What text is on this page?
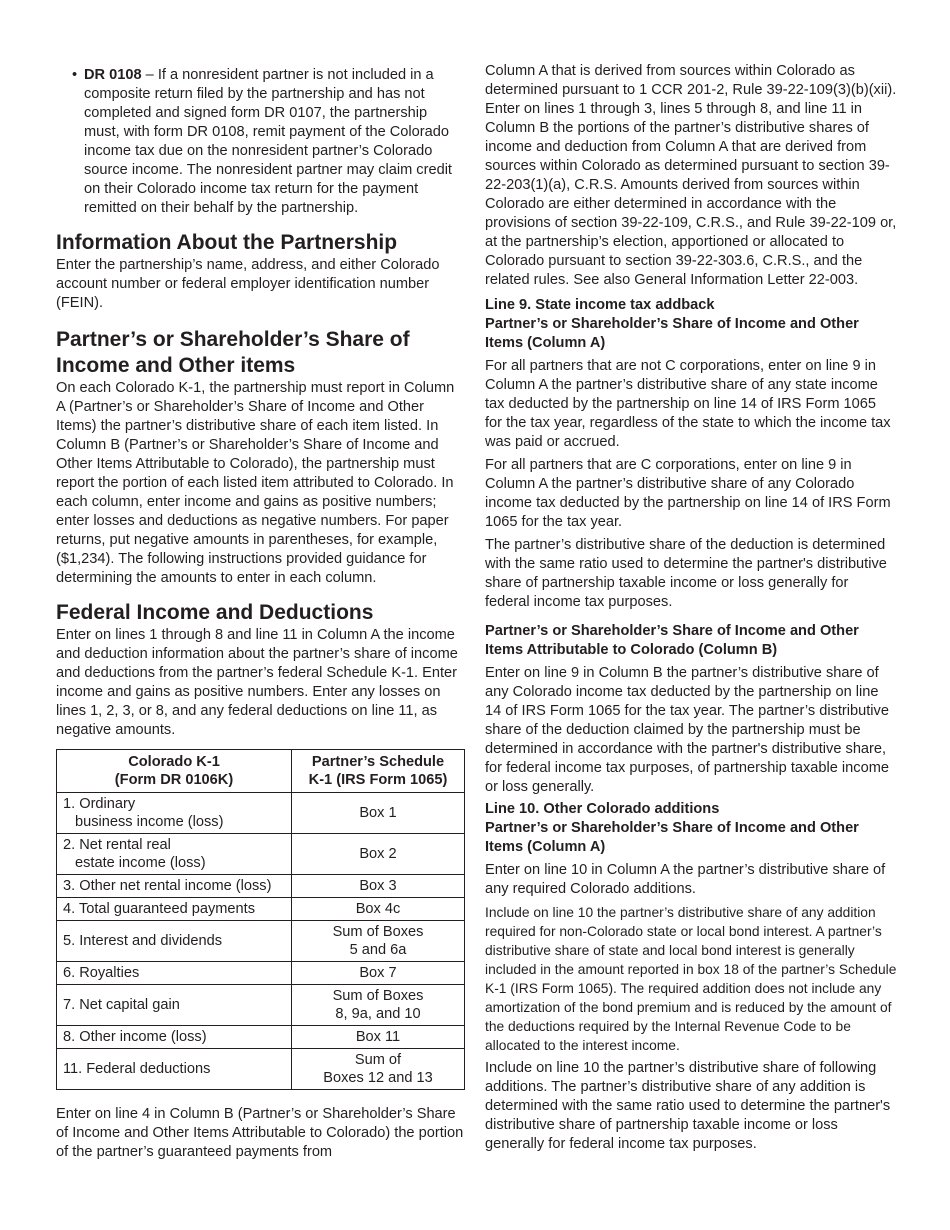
• DR 0108 – If a nonresident partner is not included in a composite return filed by the partnership and has not completed and signed form DR 0107, the partnership must, with form DR 0108, remit payment of the Colorado income tax due on the nonresident partner’s Colorado source income. The nonresident partner may claim credit on their Colorado income tax return for the payment remitted on their behalf by the partnership.

Information About the Partnership

Enter the partnership’s name, address, and either Colorado account number or federal employer identification number (FEIN).

Partner’s or Shareholder’s Share of Income and Other items

On each Colorado K-1, the partnership must report in Column A (Partner’s or Shareholder’s Share of Income and Other Items) the partner’s distributive share of each item listed. In Column B (Partner’s or Shareholder’s Share of Income and Other Items Attributable to Colorado), the partnership must report the portion of each listed item attributed to Colorado. In each column, enter income and gains as positive numbers; enter losses and deductions as negative numbers. For paper returns, put negative amounts in parentheses, for example, ($1,234). The following instructions provided guidance for determining the amounts to enter in each column.

Federal Income and Deductions

Enter on lines 1 through 8 and line 11 in Column A the income and deduction information about the partner’s share of income and deductions from the partner’s federal Schedule K-1. Enter income and gains as positive numbers. Enter any losses on lines 1, 2, 3, or 8, and any federal deductions on line 11, as negative amounts.

Colorado K-1
(Form DR 0106K)	Partner’s Schedule
K-1 (IRS Form 1065)
1. Ordinary
business income (loss)	Box 1
2. Net rental real
estate income (loss)	Box 2
3. Other net rental income (loss)	Box 3
4. Total guaranteed payments	Box 4c
5. Interest and dividends	Sum of Boxes
5 and 6a
6. Royalties	Box 7
7. Net capital gain	Sum of Boxes
8, 9a, and 10
8. Other income (loss)	Box 11
11. Federal deductions	Sum of
Boxes 12 and 13

Enter on line 4 in Column B (Partner’s or Shareholder’s Share of Income and Other Items Attributable to Colorado) the portion of the partner’s guaranteed payments from

Column A that is derived from sources within Colorado as determined pursuant to 1 CCR 201-2, Rule 39-22-109(3)(b)(xii). Enter on lines 1 through 3, lines 5 through 8, and line 11 in Column B the portions of the partner’s distributive shares of income and deduction from Column A that are derived from sources within Colorado as determined pursuant to section 39-22-203(1)(a), C.R.S. Amounts derived from sources within Colorado are either determined in accordance with the provisions of section 39-22-109, C.R.S., and Rule 39-22-109 or, at the partnership’s election, apportioned or allocated to Colorado pursuant to section 39-22-303.6, C.R.S., and the related rules. See also General Information Letter 22-003.

Line 9. State income tax addback
Partner’s or Shareholder’s Share of Income and Other Items (Column A)

For all partners that are not C corporations, enter on line 9 in Column A the partner’s distributive share of any state income tax deducted by the partnership on line 14 of IRS Form 1065 for the tax year, regardless of the state to which the income tax was paid or accrued.

For all partners that are C corporations, enter on line 9 in Column A the partner’s distributive share of any Colorado income tax deducted by the partnership on line 14 of IRS Form 1065 for the tax year.

The partner’s distributive share of the deduction is determined with the same ratio used to determine the partner's distributive share of partnership taxable income or loss generally for federal income tax purposes.

Partner’s or Shareholder’s Share of Income and Other Items Attributable to Colorado (Column B)

Enter on line 9 in Column B the partner’s distributive share of any Colorado income tax deducted by the partnership on line 14 of IRS Form 1065 for the tax year. The partner’s distributive share of the deduction claimed by the partnership must be determined in accordance with the partner's distributive share, for federal income tax purposes, of partnership taxable income or loss generally.

Line 10. Other Colorado additions
Partner’s or Shareholder’s Share of Income and Other Items (Column A)

Enter on line 10 in Column A the partner’s distributive share of any required Colorado additions.

Include on line 10 the partner’s distributive share of any addition required for non-Colorado state or local bond interest. A partner’s distributive share of state and local bond interest is generally included in the amount reported in box 18 of the partner’s Schedule K-1 (IRS Form 1065). The required addition does not include any amortization of the bond premium and is reduced by the amount of the deductions required by the Internal Revenue Code to be allocated to the interest income.

Include on line 10 the partner’s distributive share of following additions. The partner’s distributive share of any addition is determined with the same ratio used to determine the partner's distributive share of partnership taxable income or loss generally for federal income tax purposes.
